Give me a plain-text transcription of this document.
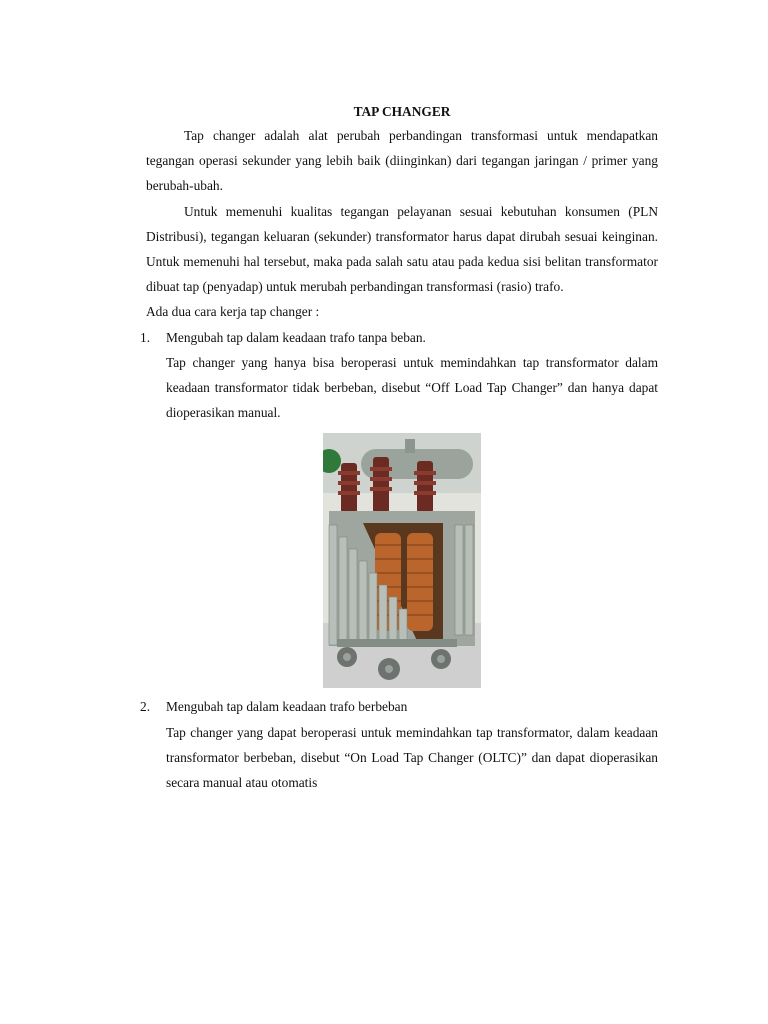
TAP CHANGER

Tap changer adalah alat perubah perbandingan transformasi untuk mendapatkan tegangan operasi sekunder yang lebih baik (diinginkan) dari tegangan jaringan / primer yang berubah-ubah.

Untuk memenuhi kualitas tegangan pelayanan sesuai kebutuhan konsumen (PLN Distribusi), tegangan keluaran (sekunder) transformator harus dapat dirubah sesuai keinginan. Untuk memenuhi hal tersebut, maka pada salah satu atau pada kedua sisi belitan transformator dibuat tap (penyadap) untuk merubah perbandingan transformasi (rasio) trafo.

Ada dua cara kerja tap changer :

1. Mengubah tap dalam keadaan trafo tanpa beban.

Tap changer yang hanya bisa beroperasi untuk memindahkan tap transformator dalam keadaan transformator tidak berbeban, disebut “Off Load Tap Changer” dan hanya dapat dioperasikan manual.

2. Mengubah tap dalam keadaan trafo berbeban

Tap changer yang dapat beroperasi untuk memindahkan tap transformator, dalam keadaan transformator berbeban, disebut “On Load Tap Changer (OLTC)” dan dapat dioperasikan secara manual atau otomatis
